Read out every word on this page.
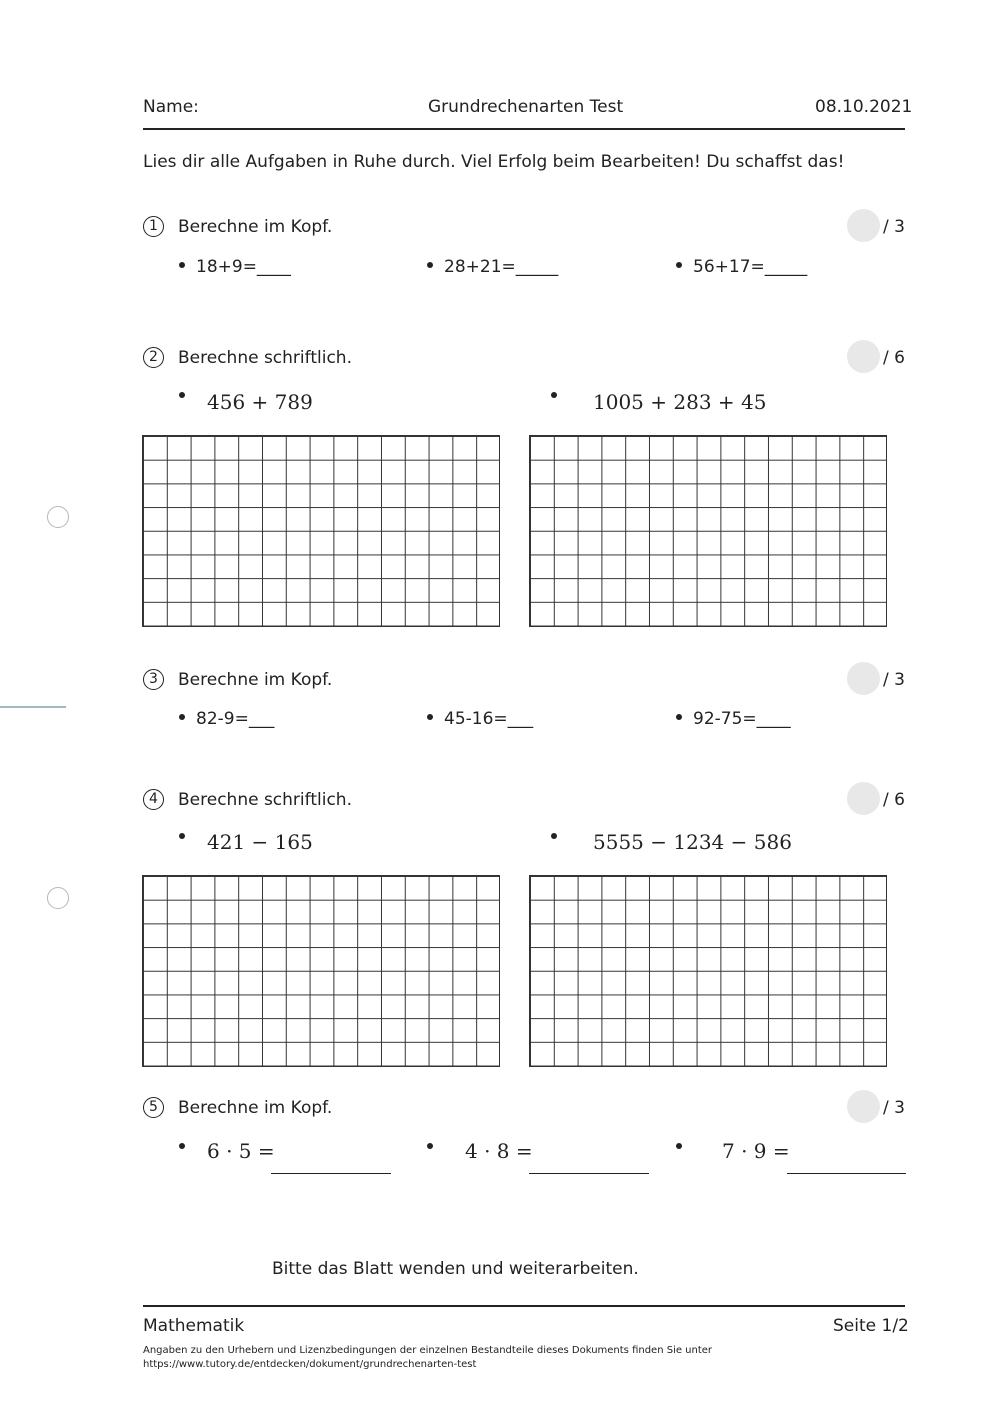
Name:	Grundrechenarten Test	08.10.2021
Lies dir alle Aufgaben in Ruhe durch. Viel Erfolg beim Bearbeiten! Du schaffst das!
1	Berechne im Kopf.	/ 3
18+9=____	28+21=_____	56+17=_____
2	Berechne schriftlich.	/ 6
456 + 789	1005 + 283 + 45
3	Berechne im Kopf.	/ 3
82-9=___	45-16=___	92-75=____
4	Berechne schriftlich.	/ 6
421 − 165	5555 − 1234 − 586
5	Berechne im Kopf.	/ 3
6 · 5 =	4 · 8 =	7 · 9 =
Bitte das Blatt wenden und weiterarbeiten.
Mathematik	Seite 1/2
Angaben zu den Urhebern und Lizenzbedingungen der einzelnen Bestandteile dieses Dokuments finden Sie unter
https://www.tutory.de/entdecken/dokument/grundrechenarten-test
